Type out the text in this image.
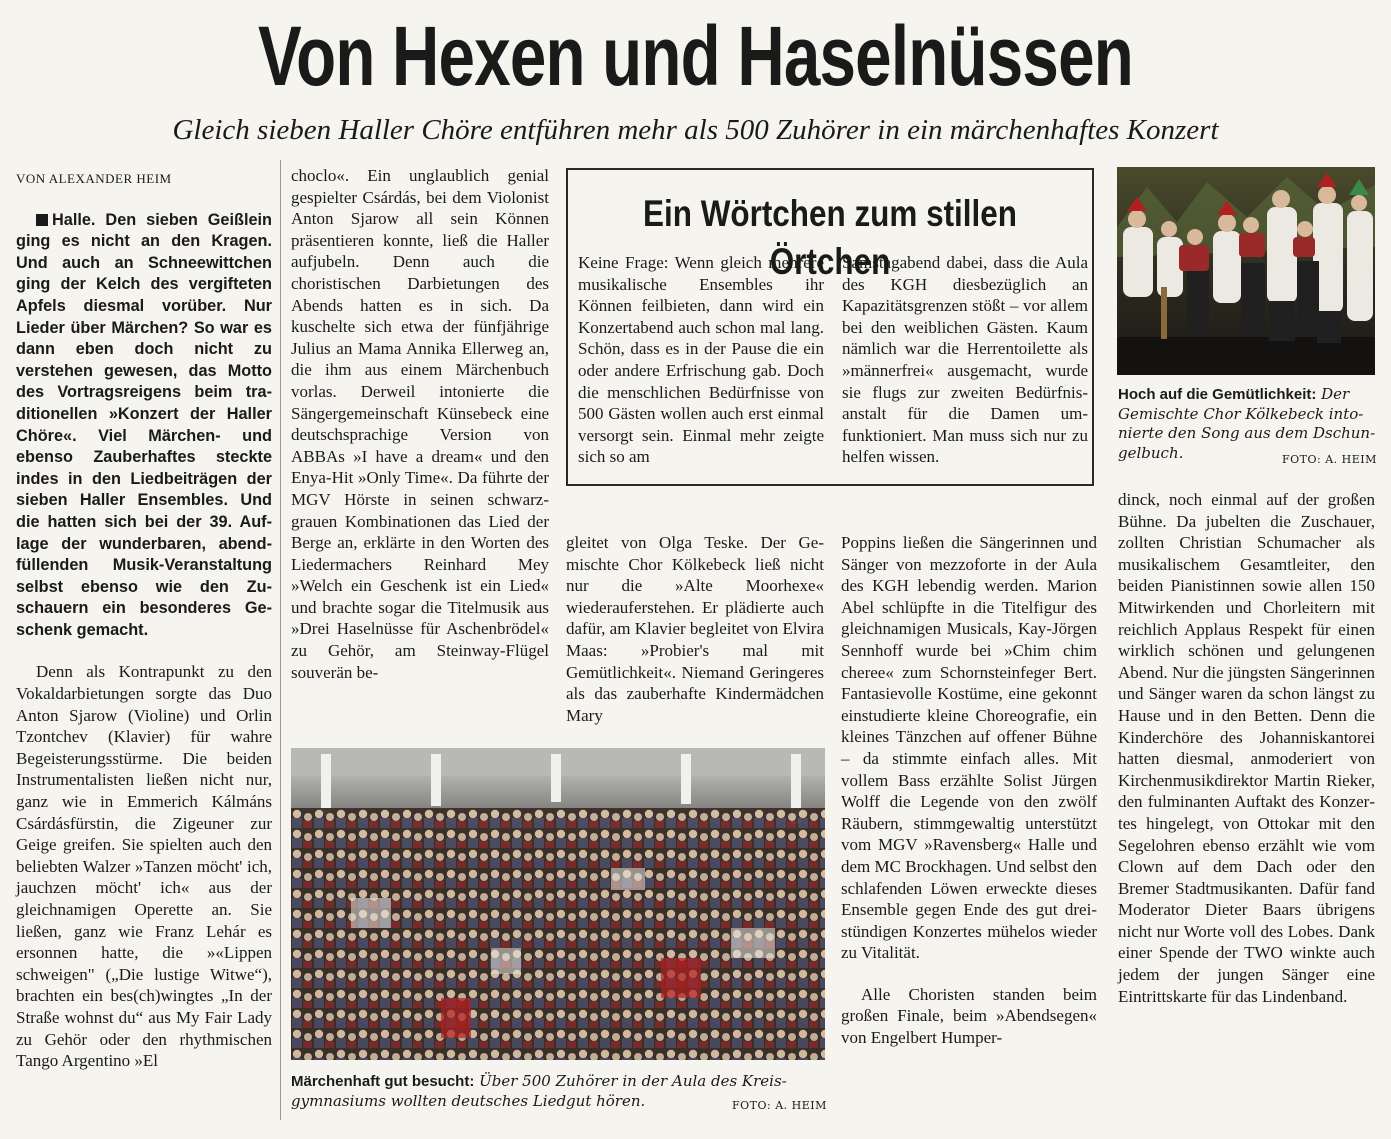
Von Hexen und Haselnüssen
Gleich sieben Haller Chöre entführen mehr als 500 Zuhörer in ein märchenhaftes Konzert

VON ALEXANDER HEIM

Halle. Den sieben Geißlein ging es nicht an den Kragen. Und auch an Schneewittchen ging der Kelch des vergifteten Apfels diesmal vorüber. Nur Lieder über Märchen? So war es dann eben doch nicht zu verstehen gewesen, das Motto des Vortragsreigens beim traditionellen »Konzert der Haller Chöre«. Viel Märchen- und ebenso Zauberhaftes steckte indes in den Liedbeiträgen der sieben Haller Ensembles. Und die hatten sich bei der 39. Auflage der wunderbaren, abendfüllenden Musik-Veranstaltung selbst ebenso wie den Zuschauern ein besonderes Geschenk gemacht.

Denn als Kontrapunkt zu den Vokaldarbietungen sorgte das Duo Anton Sjarow (Violine) und Orlin Tzontchev (Klavier) für wahre Begeisterungsstürme. Die beiden Instrumentalisten ließen nicht nur, ganz wie in Emmerich Kálmáns Csárdásfürstin, die Zigeuner zur Geige greifen. Sie spielten auch den beliebten Walzer »Tanzen möcht' ich, jauchzen möcht' ich« aus der gleichnamigen Operette an. Sie ließen, ganz wie Franz Lehár es ersonnen hatte, die »«Lippen schweigen" („Die lustige Witwe“), brachten ein bes(ch)wingtes „In der Straße wohnst du“ aus My Fair Lady zu Gehör oder den rhythmischen Tango Argentino »El

choclo«. Ein unglaublich genial gespielter Csárdás, bei dem Violonist Anton Sjarow all sein Können präsentieren konnte, ließ die Haller aufjubeln. Denn auch die choristischen Darbietungen des Abends hatten es in sich. Da kuschelte sich etwa der fünfjährige Julius an Mama Annika Ellerweg an, die ihm aus einem Märchenbuch vorlas. Derweil intonierte die Sängergemeinschaft Künsebeck eine deutschsprachige Version von ABBAs »I have a dream« und den Enya-Hit »Only Time«. Da führte der MGV Hörste in seinen schwarz-grauen Kombinationen das Lied der Berge an, erklärte in den Worten des Liedermachers Reinhard Mey »Welch ein Geschenk ist ein Lied« und brachte sogar die Titelmusik aus »Drei Haselnüsse für Aschenbrödel« zu Gehör, am Steinway-Flügel souverän be-

Ein Wörtchen zum stillen Örtchen
Keine Frage: Wenn gleich mehrere musikalische Ensembles ihr Können feilbieten, dann wird ein Konzertabend auch schon mal lang. Schön, dass es in der Pause die ein oder andere Erfrischung gab. Doch die menschlichen Bedürfnisse von 500 Gästen wollen auch erst einmal versorgt sein. Einmal mehr zeigte sich so am
Samstagabend dabei, dass die Aula des KGH diesbezüglich an Kapazitätsgrenzen stößt – vor allem bei den weiblichen Gästen. Kaum nämlich war die Herrentoilette als »männerfrei« ausgemacht, wurde sie flugs zur zweiten Bedürfnisanstalt für die Damen umfunktioniert. Man muss sich nur zu helfen wissen.
Hoch auf die Gemütlichkeit: Der Gemischte Chor Kölkebeck intonierte den Song aus dem Dschungelbuch.	FOTO: A. HEIM

gleitet von Olga Teske. Der Gemischte Chor Kölkebeck ließ nicht nur die »Alte Moorhexe« wiederauferstehen. Er plädierte auch dafür, am Klavier begleitet von Elvira Maas: »Probier's mal mit Gemütlichkeit«. Niemand Geringeres als das zauberhafte Kindermädchen Mary

Märchenhaft gut besucht: Über 500 Zuhörer in der Aula des Kreisgymnasiums wollten deutsches Liedgut hören.	FOTO: A. HEIM

Poppins ließen die Sängerinnen und Sänger von mezzoforte in der Aula des KGH lebendig werden. Marion Abel schlüpfte in die Titelfigur des gleichnamigen Musicals, Kay-Jörgen Sennhoff wurde bei »Chim chim cheree« zum Schornsteinfeger Bert. Fantasievolle Kostüme, eine gekonnt einstudierte kleine Choreografie, ein kleines Tänzchen auf offener Bühne – da stimmte einfach alles. Mit vollem Bass erzählte Solist Jürgen Wolff die Legende von den zwölf Räubern, stimmgewaltig unterstützt vom MGV »Ravensberg« Halle und dem MC Brockhagen. Und selbst den schlafenden Löwen erweckte dieses Ensemble gegen Ende des gut dreistündigen Konzertes mühelos wieder zu Vitalität.

Alle Choristen standen beim großen Finale, beim »Abendsegen« von Engelbert Humper-

dinck, noch einmal auf der großen Bühne. Da jubelten die Zuschauer, zollten Christian Schumacher als musikalischem Gesamtleiter, den beiden Pianistinnen sowie allen 150 Mitwirkenden und Chorleitern mit reichlich Applaus Respekt für einen wirklich schönen und gelungenen Abend. Nur die jüngsten Sängerinnen und Sänger waren da schon längst zu Hause und in den Betten. Denn die Kinderchöre des Johanniskantorei hatten diesmal, anmoderiert von Kirchenmusikdirektor Martin Rieker, den fulminanten Auftakt des Konzertes hingelegt, von Ottokar mit den Segelohren ebenso erzählt wie vom Clown auf dem Dach oder den Bremer Stadtmusikanten. Dafür fand Moderator Dieter Baars übrigens nicht nur Worte voll des Lobes. Dank einer Spende der TWO winkte auch jedem der jungen Sänger eine Eintrittskarte für das Lindenband.
